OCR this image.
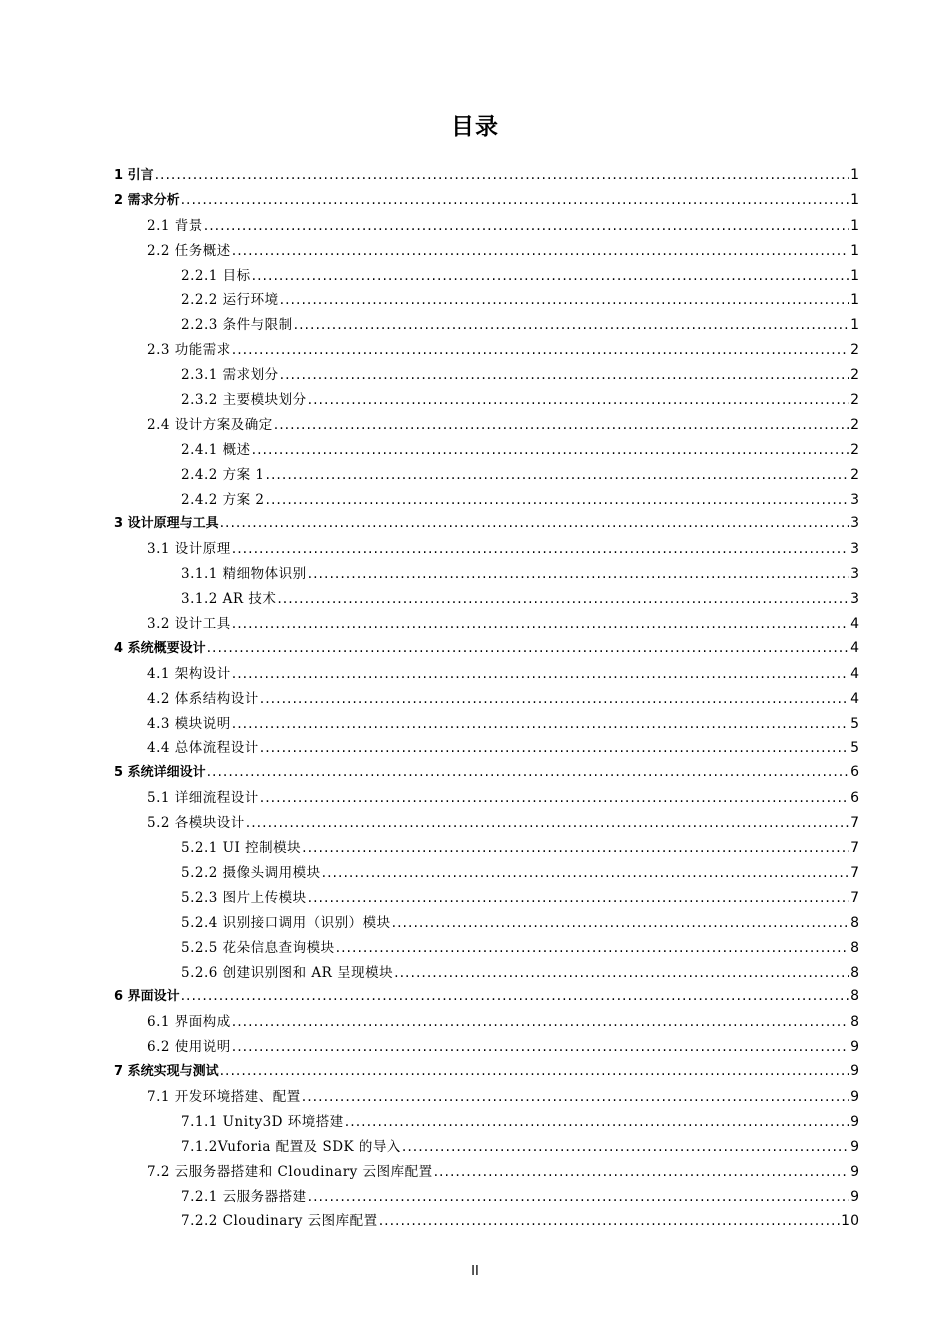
目录
1 引言 .....	1
2 需求分析 .....	1
2.1 背景 .....	1
2.2 任务概述 .....	1
2.2.1 目标 .....	1
2.2.2 运行环境 .....	1
2.2.3 条件与限制 .....	1
2.3 功能需求 .....	2
2.3.1 需求划分 .....	2
2.3.2 主要模块划分 .....	2
2.4 设计方案及确定 .....	2
2.4.1 概述 .....	2
2.4.2 方案 1 .....	2
2.4.2 方案 2 .....	3
3 设计原理与工具 .....	3
3.1 设计原理 .....	3
3.1.1 精细物体识别 .....	3
3.1.2 AR 技术 .....	3
3.2 设计工具 .....	4
4 系统概要设计 .....	4
4.1 架构设计 .....	4
4.2 体系结构设计 .....	4
4.3 模块说明 .....	5
4.4 总体流程设计 .....	5
5 系统详细设计 .....	6
5.1 详细流程设计 .....	6
5.2 各模块设计 .....	7
5.2.1 UI 控制模块 .....	7
5.2.2 摄像头调用模块 .....	7
5.2.3 图片上传模块 .....	7
5.2.4 识别接口调用（识别）模块 .....	8
5.2.5 花朵信息查询模块 .....	8
5.2.6 创建识别图和 AR 呈现模块 .....	8
6 界面设计 .....	8
6.1 界面构成 .....	8
6.2 使用说明 .....	9
7 系统实现与测试 .....	9
7.1 开发环境搭建、配置 .....	9
7.1.1 Unity3D 环境搭建 .....	9
7.1.2Vuforia 配置及 SDK 的导入 .....	9
7.2 云服务器搭建和 Cloudinary 云图库配置 .....	9
7.2.1 云服务器搭建 .....	9
7.2.2 Cloudinary 云图库配置 .....	10
II
